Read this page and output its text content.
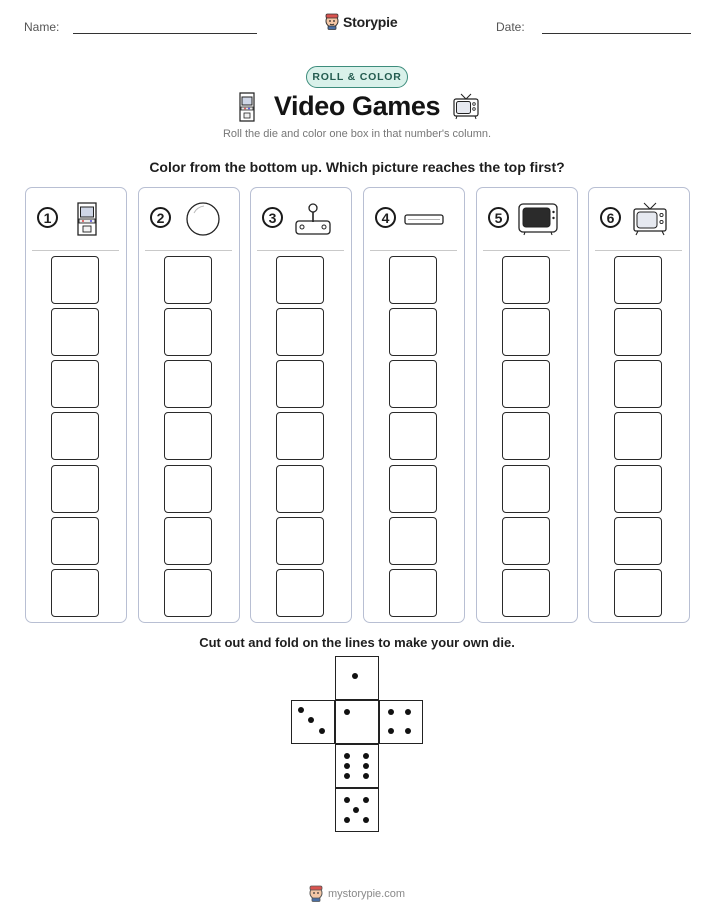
Name:	Storypie	Date:
ROLL & COLOR
Video Games
Roll the die and color one box in that number's column.
Color from the bottom up. Which picture reaches the top first?
1	2	3	4	5	6
Cut out and fold on the lines to make your own die.
mystorypie.com
